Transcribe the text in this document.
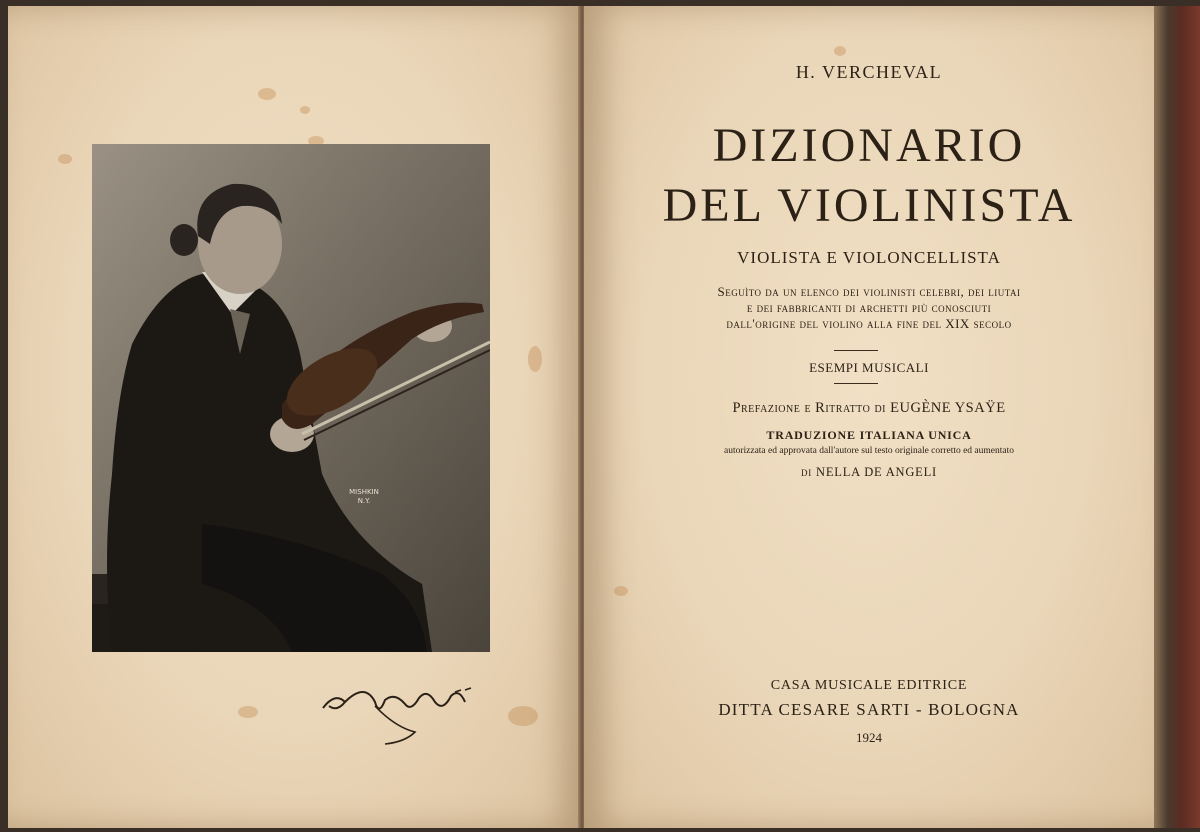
MISHKIN N.Y.
H. VERCHEVAL
DIZIONARIO
DEL VIOLINISTA
VIOLISTA E VIOLONCELLISTA
Seguìto da un elenco dei violinisti celebri, dei liutai
e dei fabbricanti di archetti più conosciuti
dall'origine del violino alla fine del XIX secolo
ESEMPI MUSICALI
Prefazione e Ritratto di EUGÈNE YSAŸE
TRADUZIONE ITALIANA UNICA
autorizzata ed approvata dall'autore sul testo originale corretto ed aumentato
di NELLA DE ANGELI
CASA MUSICALE EDITRICE
DITTA CESARE SARTI - BOLOGNA
1924
